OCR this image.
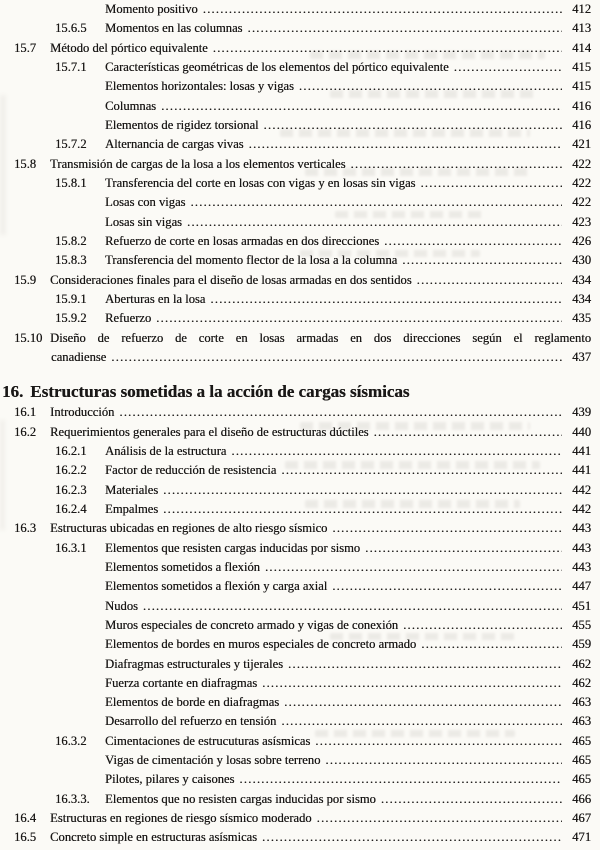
Momento positivo .....	412
15.6.5	Momentos en las columnas .....	413
15.7	Método del pórtico equivalente .....	414
15.7.1	Características geométricas de los elementos del pórtico equivalente .....	415
Elementos horizontales: losas y vigas .....	415
Columnas .....	416
Elementos de rigidez torsional .....	416
15.7.2	Alternancia de cargas vivas .....	421
15.8	Transmisión de cargas de la losa a los elementos verticales .....	422
15.8.1	Transferencia del corte en losas con vigas y en losas sin vigas .....	422
Losas con vigas .....	422
Losas sin vigas .....	423
15.8.2	Refuerzo de corte en losas armadas en dos direcciones .....	426
15.8.3	Transferencia del momento flector de la losa a la columna .....	430
15.9	Consideraciones finales para el diseño de losas armadas en dos sentidos .....	434
15.9.1	Aberturas en la losa .....	434
15.9.2	Refuerzo .....	435
15.10 Diseño de refuerzo de corte en losas armadas en dos direcciones según el reglamento
canadiense .....	437
16. Estructuras sometidas a la acción de cargas sísmicas
16.1	Introducción .....	439
16.2	Requerimientos generales para el diseño de estructuras dúctiles .....	440
16.2.1	Análisis de la estructura .....	441
16.2.2	Factor de reducción de resistencia .....	441
16.2.3	Materiales .....	442
16.2.4	Empalmes .....	442
16.3	Estructuras ubicadas en regiones de alto riesgo sísmico .....	443
16.3.1	Elementos que resisten cargas inducidas por sismo .....	443
Elementos sometidos a flexión .....	443
Elementos sometidos a flexión y carga axial .....	447
Nudos .....	451
Muros especiales de concreto armado y vigas de conexión .....	455
Elementos de bordes en muros especiales de concreto armado .....	459
Diafragmas estructurales y tijerales .....	462
Fuerza cortante en diafragmas .....	462
Elementos de borde en diafragmas .....	463
Desarrollo del refuerzo en tensión .....	463
16.3.2	Cimentaciones de estrucuturas asísmicas .....	465
Vigas de cimentación y losas sobre terreno .....	465
Pilotes, pilares y caisones .....	465
16.3.3.	Elementos que no resisten cargas inducidas por sismo .....	466
16.4	Estructuras en regiones de riesgo sísmico moderado .....	467
16.5	Concreto simple en estructuras asísmicas .....	471
